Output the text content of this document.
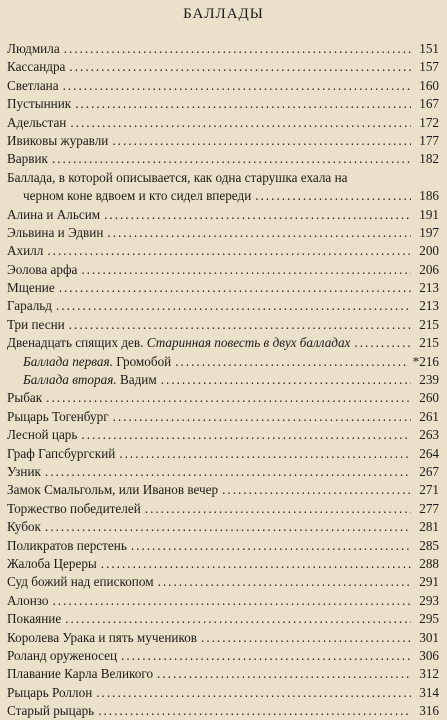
БАЛЛАДЫ
Людмила .....	151
Кассандра .....	157
Светлана .....	160
Пустынник .....	167
Адельстан .....	172
Ивиковы журавли .....	177
Варвик .....	182
Баллада, в которой описывается, как одна старушка ехала на
черном коне вдвоем и кто сидел впереди .....	186
Алина и Альсим .....	191
Эльвина и Эдвин .....	197
Ахилл .....	200
Эолова арфа .....	206
Мщение .....	213
Гаральд .....	213
Три песни .....	215
Двенадцать спящих дев. Старинная повесть в двух балладах .....	215
Баллада первая. Громобой .....	*216
Баллада вторая. Вадим .....	239
Рыбак .....	260
Рыцарь Тогенбург .....	261
Лесной царь .....	263
Граф Гапсбургский .....	264
Узник .....	267
Замок Смальгольм, или Иванов вечер .....	271
Торжество победителей .....	277
Кубок .....	281
Поликратов перстень .....	285
Жалоба Цереры .....	288
Суд божий над епископом .....	291
Алонзо .....	293
Покаяние .....	295
Королева Урака и пять мучеников .....	301
Роланд оруженосец .....	306
Плавание Карла Великого .....	312
Рыцарь Роллон .....	314
Старый рыцарь .....	316
